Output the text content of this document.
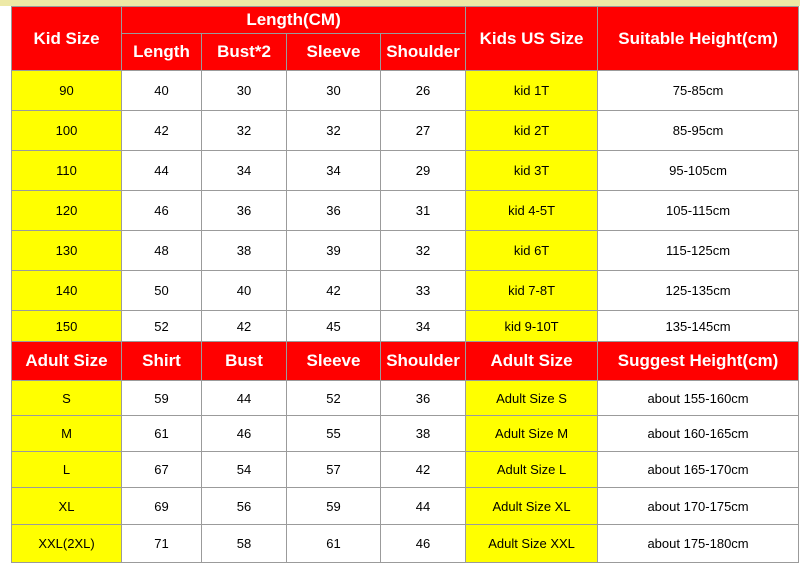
Kid Size	Length(CM)				Kids US Size	Suitable Height(cm)
	Length	Bust*2	Sleeve	Shoulder		
90	40	30	30	26	kid 1T	75-85cm
100	42	32	32	27	kid 2T	85-95cm
110	44	34	34	29	kid 3T	95-105cm
120	46	36	36	31	kid 4-5T	105-115cm
130	48	38	39	32	kid 6T	115-125cm
140	50	40	42	33	kid 7-8T	125-135cm
150	52	42	45	34	kid 9-10T	135-145cm
Adult Size	Shirt	Bust	Sleeve	Shoulder	Adult Size	Suggest Height(cm)
S	59	44	52	36	Adult Size S	about 155-160cm
M	61	46	55	38	Adult Size M	about 160-165cm
L	67	54	57	42	Adult Size L	about 165-170cm
XL	69	56	59	44	Adult Size XL	about 170-175cm
XXL(2XL)	71	58	61	46	Adult Size XXL	about 175-180cm
